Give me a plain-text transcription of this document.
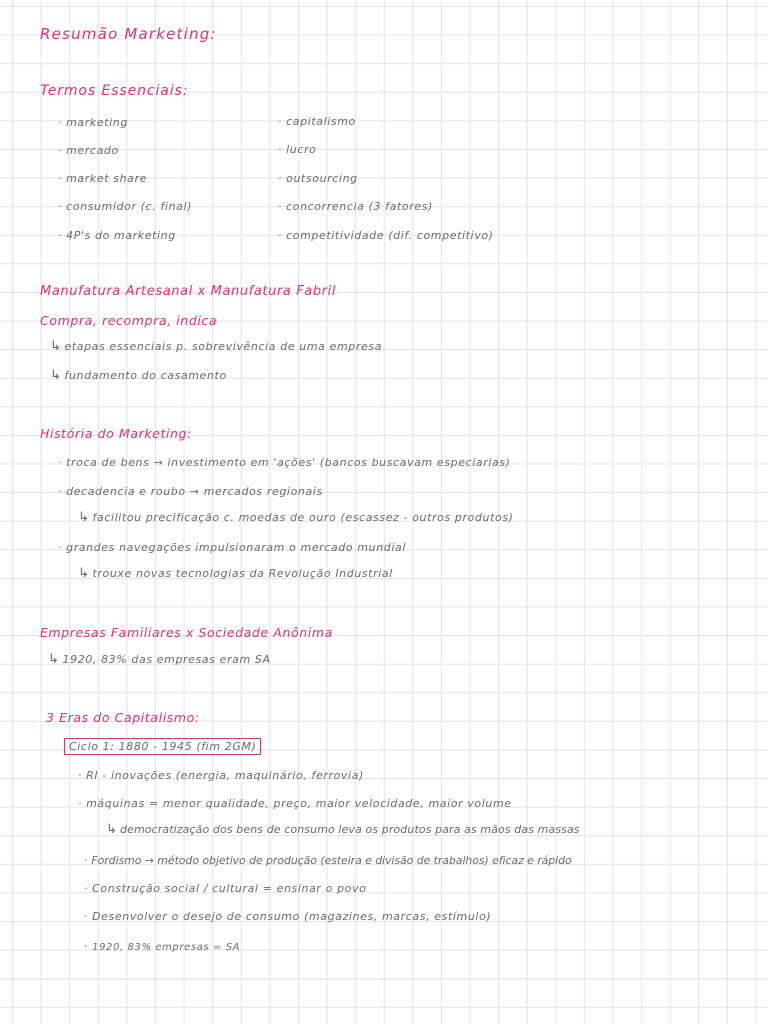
Resumão Marketing:
Termos Essenciais:
· marketing
· mercado
· market share
· consumidor (c. final)
· 4P's do marketing
· capitalismo
· lucro
· outsourcing
· concorrencia (3 fatores)
· competitividade (dif. competitivo)
Manufatura Artesanal x Manufatura Fabril
Compra, recompra, indica
↳ etapas essenciais p. sobrevivência de uma empresa
↳ fundamento do casamento
História do Marketing:
· troca de bens → investimento em 'ações' (bancos buscavam especiarias)
· decadencia e roubo → mercados regionais
↳ facilitou precificação c. moedas de ouro (escassez - outros produtos)
· grandes navegações impulsionaram o mercado mundial
↳ trouxe novas tecnologias da Revolução Industrial
Empresas Familiares x Sociedade Anônima
↳ 1920, 83% das empresas eram SA
3 Eras do Capitalismo:
Ciclo 1: 1880 - 1945 (fim 2GM)
· RI - inovações (energia, maquinário, ferrovia)
· máquinas = menor qualidade, preço, maior velocidade, maior volume
↳ democratização dos bens de consumo leva os produtos para as mãos das massas
· Fordismo → método objetivo de produção (esteira e divisão de trabalhos) eficaz e rápido
· Construção social / cultural = ensinar o povo
· Desenvolver o desejo de consumo (magazines, marcas, estímulo)
· 1920, 83% empresas = SA
